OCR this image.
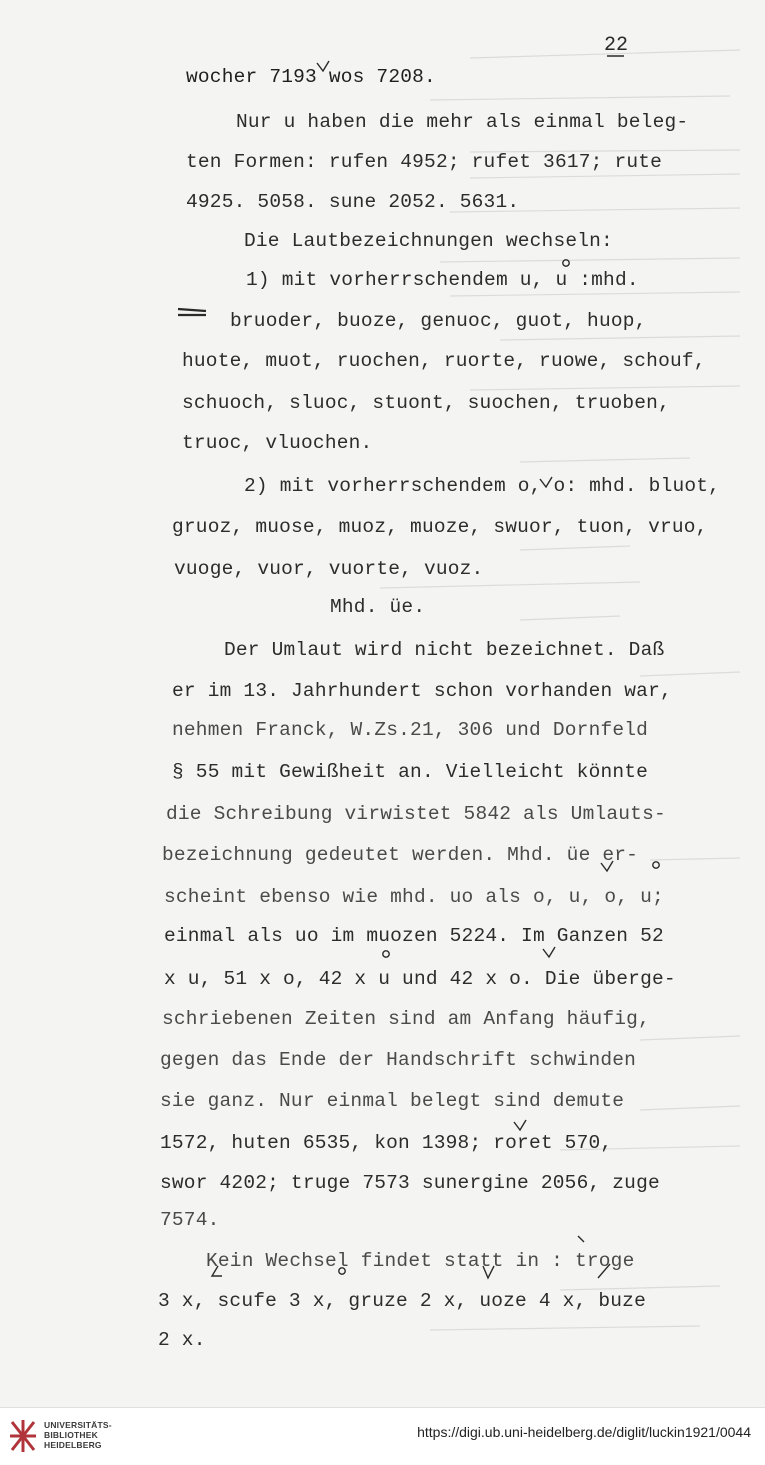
22
wocher 7193 wos 7208.
Nur u haben die mehr als einmal beleg-
ten Formen: rufen 4952; rufet 3617; rute
4925. 5058. sune 2052. 5631.
Die Lautbezeichnungen wechseln:
1) mit vorherrschendem u, u :mhd.
bruoder, buoze, genuoc, guot, huop,
huote, muot, ruochen, ruorte, ruowe, schouf,
schuoch, sluoc, stuont, suochen, truoben,
truoc, vluochen.
2) mit vorherrschendem o, o: mhd. bluot,
gruoz, muose, muoz, muoze, swuor, tuon, vruo,
vuoge, vuor, vuorte, vuoz.
Mhd. üe.
Der Umlaut wird nicht bezeichnet. Daß
er im 13. Jahrhundert schon vorhanden war,
nehmen Franck, W.Zs.21, 306 und Dornfeld
§ 55 mit Gewißheit an. Vielleicht könnte
die Schreibung virwistet 5842 als Umlauts-
bezeichnung gedeutet werden. Mhd. üe er-
scheint ebenso wie mhd. uo als o, u, o, u;
einmal als uo im muozen 5224. Im Ganzen 52
x u, 51 x o, 42 x u und 42 x o. Die überge-
schriebenen Zeiten sind am Anfang häufig,
gegen das Ende der Handschrift schwinden
sie ganz. Nur einmal belegt sind demute
1572, huten 6535, kon 1398; roret 570,
swor 4202; truge 7573 sunergine 2056, zuge
7574.
Kein Wechsel findet statt in : troge
3 x, scufe 3 x, gruze 2 x, uoze 4 x, buze
2 x.
UNIVERSITÄTS-
BIBLIOTHEK
HEIDELBERG
https://digi.ub.uni-heidelberg.de/diglit/luckin1921/0044
